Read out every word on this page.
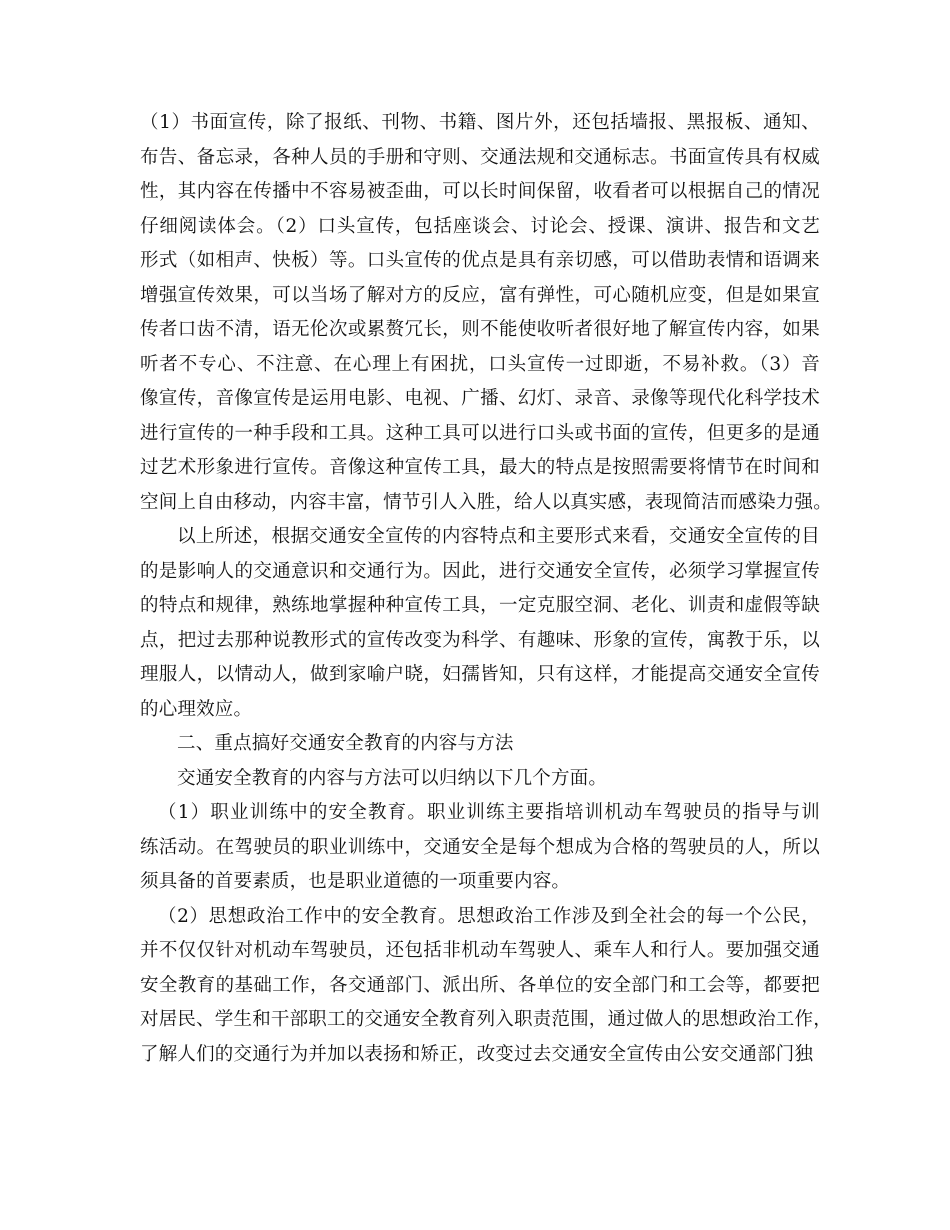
（1）书面宣传，除了报纸、刊物、书籍、图片外，还包括墙报、黑报板、通知、
布告、备忘录，各种人员的手册和守则、交通法规和交通标志。书面宣传具有权威
性，其内容在传播中不容易被歪曲，可以长时间保留，收看者可以根据自己的情况
仔细阅读体会。（2）口头宣传，包括座谈会、讨论会、授课、演讲、报告和文艺
形式（如相声、快板）等。口头宣传的优点是具有亲切感，可以借助表情和语调来
增强宣传效果，可以当场了解对方的反应，富有弹性，可心随机应变，但是如果宣
传者口齿不清，语无伦次或累赘冗长，则不能使收听者很好地了解宣传内容，如果
听者不专心、不注意、在心理上有困扰，口头宣传一过即逝，不易补救。（3）音
像宣传，音像宣传是运用电影、电视、广播、幻灯、录音、录像等现代化科学技术
进行宣传的一种手段和工具。这种工具可以进行口头或书面的宣传，但更多的是通
过艺术形象进行宣传。音像这种宣传工具，最大的特点是按照需要将情节在时间和
空间上自由移动，内容丰富，情节引人入胜，给人以真实感，表现简洁而感染力强。
以上所述，根据交通安全宣传的内容特点和主要形式来看，交通安全宣传的目
的是影响人的交通意识和交通行为。因此，进行交通安全宣传，必须学习掌握宣传
的特点和规律，熟练地掌握种种宣传工具，一定克服空洞、老化、训责和虚假等缺
点，把过去那种说教形式的宣传改变为科学、有趣味、形象的宣传，寓教于乐，以
理服人，以情动人，做到家喻户晓，妇孺皆知，只有这样，才能提高交通安全宣传
的心理效应。
二、重点搞好交通安全教育的内容与方法
交通安全教育的内容与方法可以归纳以下几个方面。
（1）职业训练中的安全教育。职业训练主要指培训机动车驾驶员的指导与训
练活动。在驾驶员的职业训练中，交通安全是每个想成为合格的驾驶员的人，所以
须具备的首要素质，也是职业道德的一项重要内容。
（2）思想政治工作中的安全教育。思想政治工作涉及到全社会的每一个公民，
并不仅仅针对机动车驾驶员，还包括非机动车驾驶人、乘车人和行人。要加强交通
安全教育的基础工作，各交通部门、派出所、各单位的安全部门和工会等，都要把
对居民、学生和干部职工的交通安全教育列入职责范围，通过做人的思想政治工作，
了解人们的交通行为并加以表扬和矫正，改变过去交通安全宣传由公安交通部门独
